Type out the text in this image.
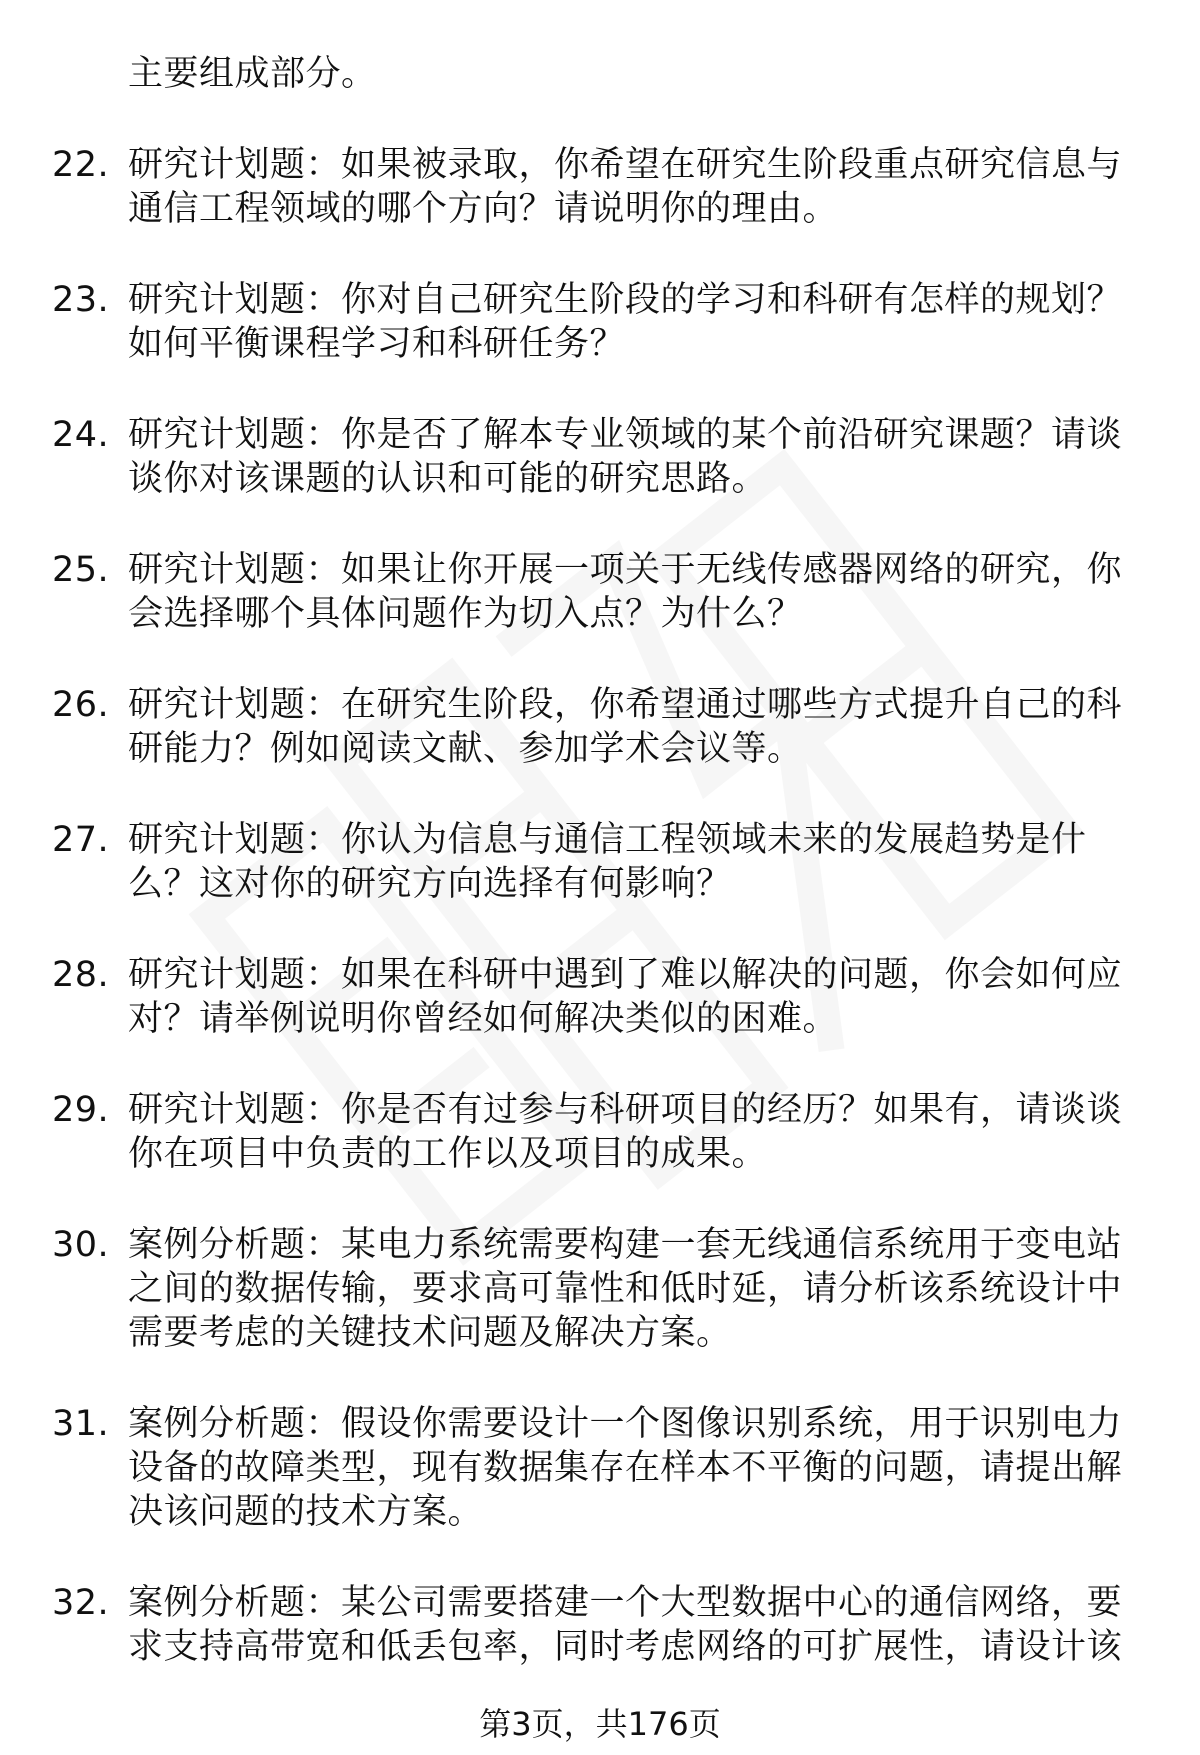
主要组成部分。
22. 研究计划题：如果被录取，你希望在研究生阶段重点研究信息与通信工程领域的哪个方向？请说明你的理由。
23. 研究计划题：你对自己研究生阶段的学习和科研有怎样的规划？如何平衡课程学习和科研任务？
24. 研究计划题：你是否了解本专业领域的某个前沿研究课题？请谈谈你对该课题的认识和可能的研究思路。
25. 研究计划题：如果让你开展一项关于无线传感器网络的研究，你会选择哪个具体问题作为切入点？为什么？
26. 研究计划题：在研究生阶段，你希望通过哪些方式提升自己的科研能力？例如阅读文献、参加学术会议等。
27. 研究计划题：你认为信息与通信工程领域未来的发展趋势是什么？这对你的研究方向选择有何影响？
28. 研究计划题：如果在科研中遇到了难以解决的问题，你会如何应对？请举例说明你曾经如何解决类似的困难。
29. 研究计划题：你是否有过参与科研项目的经历？如果有，请谈谈你在项目中负责的工作以及项目的成果。
30. 案例分析题：某电力系统需要构建一套无线通信系统用于变电站之间的数据传输，要求高可靠性和低时延，请分析该系统设计中需要考虑的关键技术问题及解决方案。
31. 案例分析题：假设你需要设计一个图像识别系统，用于识别电力设备的故障类型，现有数据集存在样本不平衡的问题，请提出解决该问题的技术方案。
32. 案例分析题：某公司需要搭建一个大型数据中心的通信网络，要求支持高带宽和低丢包率，同时考虑网络的可扩展性，请设计该
第3页，共176页
